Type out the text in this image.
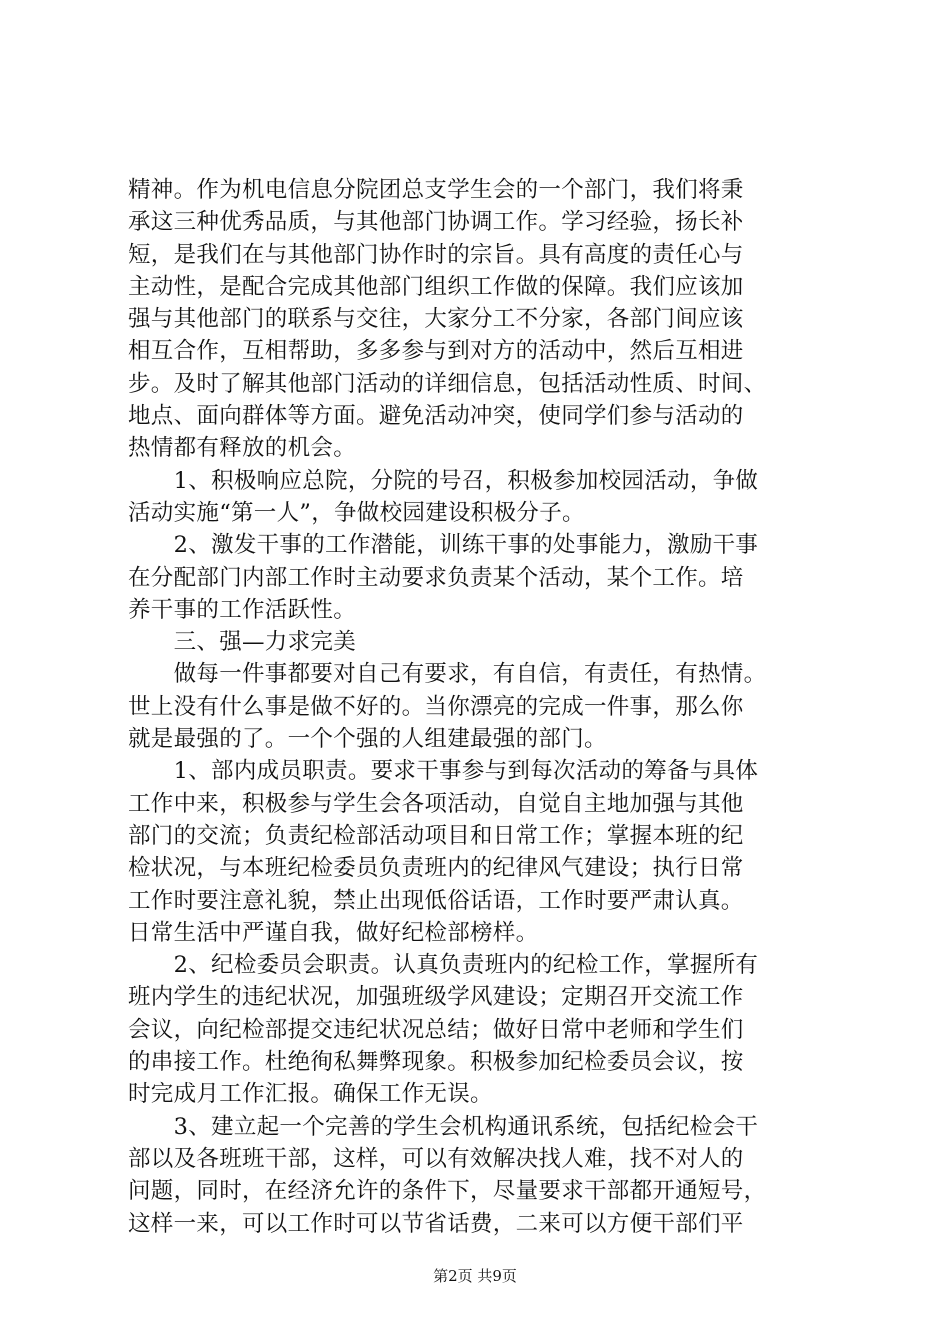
精神。作为机电信息分院团总支学生会的一个部门，我们将秉
承这三种优秀品质，与其他部门协调工作。学习经验，扬长补
短，是我们在与其他部门协作时的宗旨。具有高度的责任心与
主动性，是配合完成其他部门组织工作做的保障。我们应该加
强与其他部门的联系与交往，大家分工不分家，各部门间应该
相互合作，互相帮助，多多参与到对方的活动中，然后互相进
步。及时了解其他部门活动的详细信息，包括活动性质、时间、
地点、面向群体等方面。避免活动冲突，使同学们参与活动的
热情都有释放的机会。
　　1、积极响应总院，分院的号召，积极参加校园活动，争做
活动实施“第一人”，争做校园建设积极分子。
　　2、激发干事的工作潜能，训练干事的处事能力，激励干事
在分配部门内部工作时主动要求负责某个活动，某个工作。培
养干事的工作活跃性。
　　三、强—力求完美
　　做每一件事都要对自己有要求，有自信，有责任，有热情。
世上没有什么事是做不好的。当你漂亮的完成一件事，那么你
就是最强的了。一个个强的人组建最强的部门。
　　1、部内成员职责。要求干事参与到每次活动的筹备与具体
工作中来，积极参与学生会各项活动，自觉自主地加强与其他
部门的交流；负责纪检部活动项目和日常工作；掌握本班的纪
检状况，与本班纪检委员负责班内的纪律风气建设；执行日常
工作时要注意礼貌，禁止出现低俗话语，工作时要严肃认真。
日常生活中严谨自我，做好纪检部榜样。
　　2、纪检委员会职责。认真负责班内的纪检工作，掌握所有
班内学生的违纪状况，加强班级学风建设；定期召开交流工作
会议，向纪检部提交违纪状况总结；做好日常中老师和学生们
的串接工作。杜绝徇私舞弊现象。积极参加纪检委员会议，按
时完成月工作汇报。确保工作无误。
　　3、建立起一个完善的学生会机构通讯系统，包括纪检会干
部以及各班班干部，这样，可以有效解决找人难，找不对人的
问题，同时，在经济允许的条件下，尽量要求干部都开通短号，
这样一来，可以工作时可以节省话费，二来可以方便干部们平
第2页 共9页
